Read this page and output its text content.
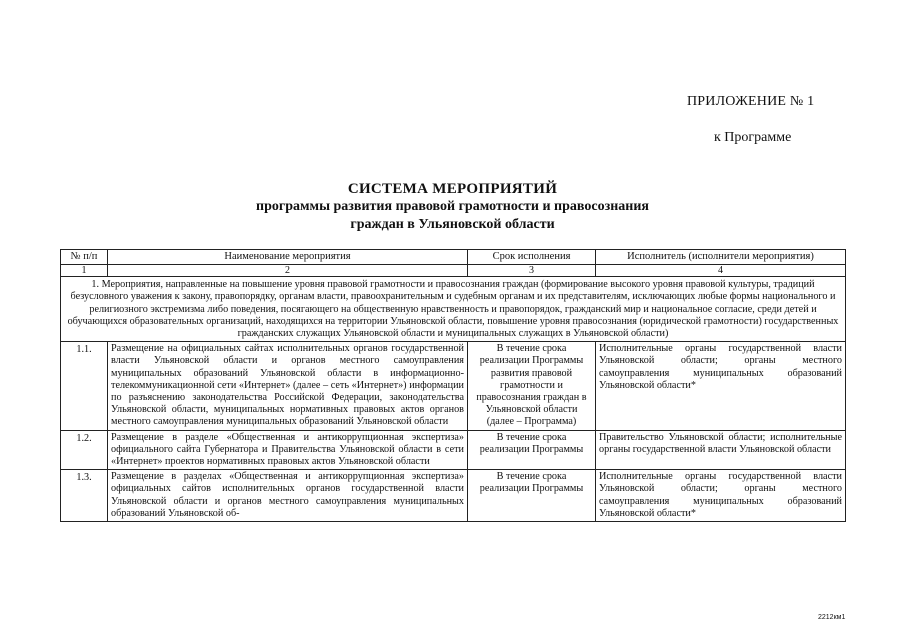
ПРИЛОЖЕНИЕ № 1
к Программе
СИСТЕМА МЕРОПРИЯТИЙ
программы развития правовой грамотности и правосознания
граждан в Ульяновской области
№ п/п	Наименование мероприятия	Срок исполнения	Исполнитель (исполнители мероприятия)
1	2	3	4
1. Мероприятия, направленные на повышение уровня правовой грамотности и правосознания граждан (формирование высокого уровня правовой культуры, традиций безусловного уважения к закону, правопорядку, органам власти, правоохранительным и судебным органам и их представителям, исключающих любые формы национального и религиозного экстремизма либо поведения, посягающего на общественную нравственность и правопорядок, гражданский мир и национальное согласие, среди детей и обучающихся образовательных организаций, находящихся на территории Ульяновской области, повышение уровня правосознания (юридической грамотности) государственных гражданских служащих Ульяновской области и муниципальных служащих в Ульяновской области)			
1.1.	Размещение на официальных сайтах исполнительных органов государственной власти Ульяновской области и органов местного самоуправления муниципальных образований Ульяновской области в информационно-телекоммуникационной сети «Интернет» (далее – сеть «Интернет») информации по разъяснению законодательства Российской Федерации, законодательства Ульяновской области, муниципальных нормативных правовых актов органов местного самоуправления муниципальных образований Ульяновской области	В течение срока реализации Программы развития правовой грамотности и правосознания граждан в Ульяновской области (далее – Программа)	Исполнительные органы государственной власти Ульяновской области; органы местного самоуправления муниципальных образований Ульяновской области*
1.2.	Размещение в разделе «Общественная и антикоррупционная экспертиза» официального сайта Губернатора и Правительства Ульяновской области в сети «Интернет» проектов нормативных правовых актов Ульяновской области	В течение срока реализации Программы	Правительство Ульяновской области; исполнительные органы государственной власти Ульяновской области
1.3.	Размещение в разделах «Общественная и антикоррупционная экспертиза» официальных сайтов исполнительных органов государственной власти Ульяновской области и органов местного самоуправления муниципальных образований Ульяновской об-	В течение срока реализации Программы	Исполнительные органы государственной власти Ульяновской области; органы местного самоуправления муниципальных образований Ульяновской области*
2212км1
